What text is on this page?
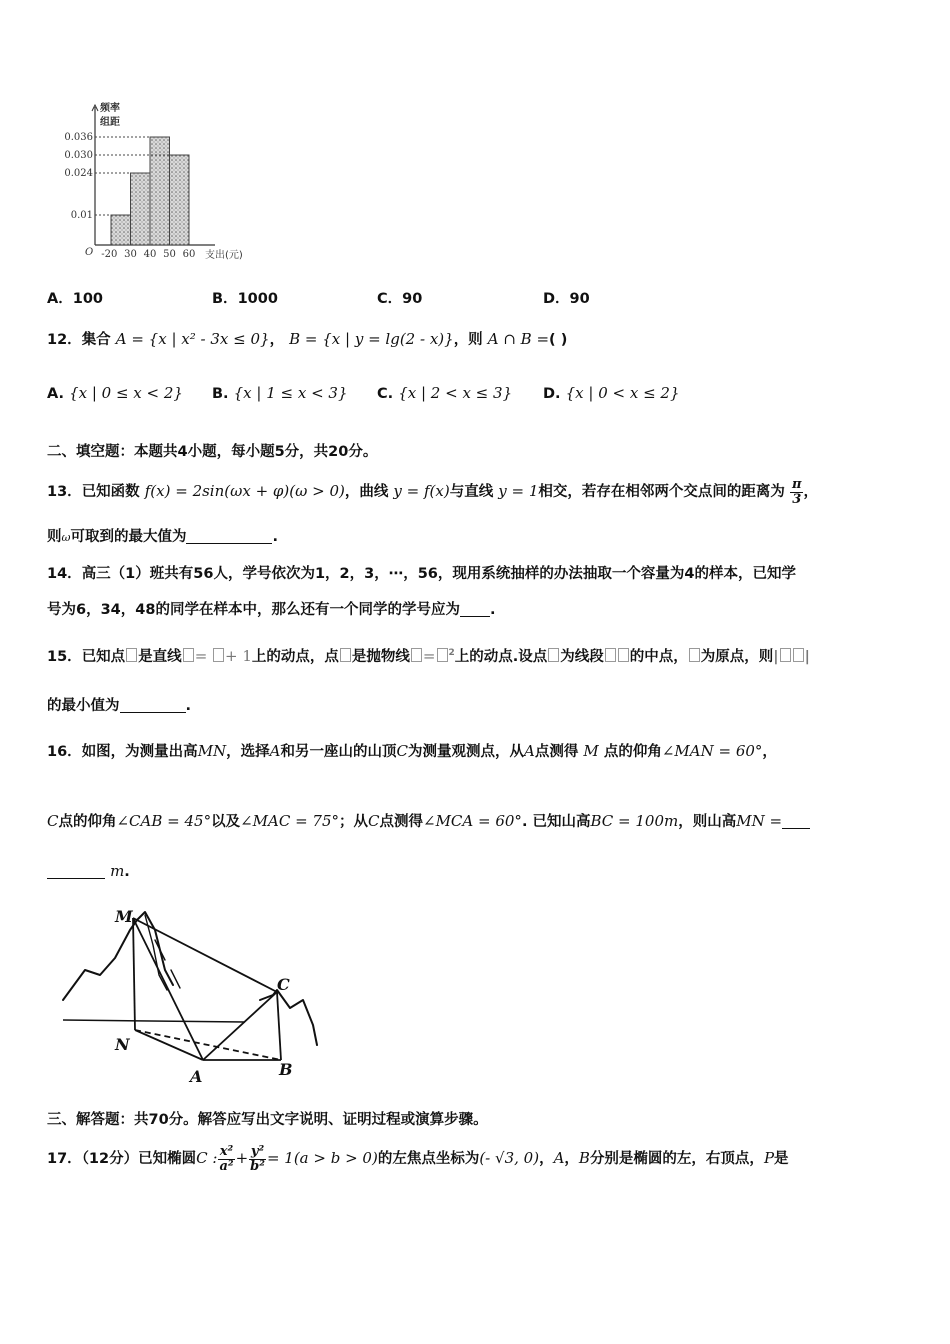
频率
组距
O	支出(元)
0.036
0.030
0.024
0.01
- 20 30 40 50 60
A．100	B．1000	C．90	D．90
12．集合 A = {x | x² - 3x ≤ 0}， B = {x | y = lg(2 - x)}，则 A ∩ B =( )
A. {x | 0 ≤ x < 2} B. {x | 1 ≤ x < 3} C. {x | 2 < x ≤ 3} D. {x | 0 < x ≤ 2}
二、填空题：本题共4小题，每小题5分，共20分。
13．已知函数 f(x) = 2sin(ωx + φ)(ω > 0)，曲线 y = f(x)与直线 y = 1相交，若存在相邻两个交点间的距离为 $\frac{\pi}{3}$ ，
则ω可取到的最大值为	.
14．高三（1）班共有56人，学号依次为1，2，3，⋯，56，现用系统抽样的办法抽取一个容量为4的样本，已知学
号为6，34，48的同学在样本中，那么还有一个同学的学号应为 .
15．已知点 是直线 = + 1上的动点，点 是抛物线 = $^2$上的动点.设点 为线段 的中点， 为原点，则| |
的最小值为	.
16．如图，为测量出高MN，选择A和另一座山的山顶C为测量观测点，从A点测得 M 点的仰角∠MAN = 60°，
C点的仰角∠CAB = 45°以及∠MAC = 75°；从C点测得∠MCA = 60°. 已知山高BC = 100m，则山高MN =
m.
M
N
A	B
C
三、解答题：共70分。解答应写出文字说明、证明过程或演算步骤。
17．（12分）已知椭圆C : $\frac{\text{x²}}{\text{a²}} + \frac{\text{y²}}{\text{b²}} = 1(a > b > 0)$的左焦点坐标为(- √3, 0)，A，B分别是椭圆的左，右顶点，P是
